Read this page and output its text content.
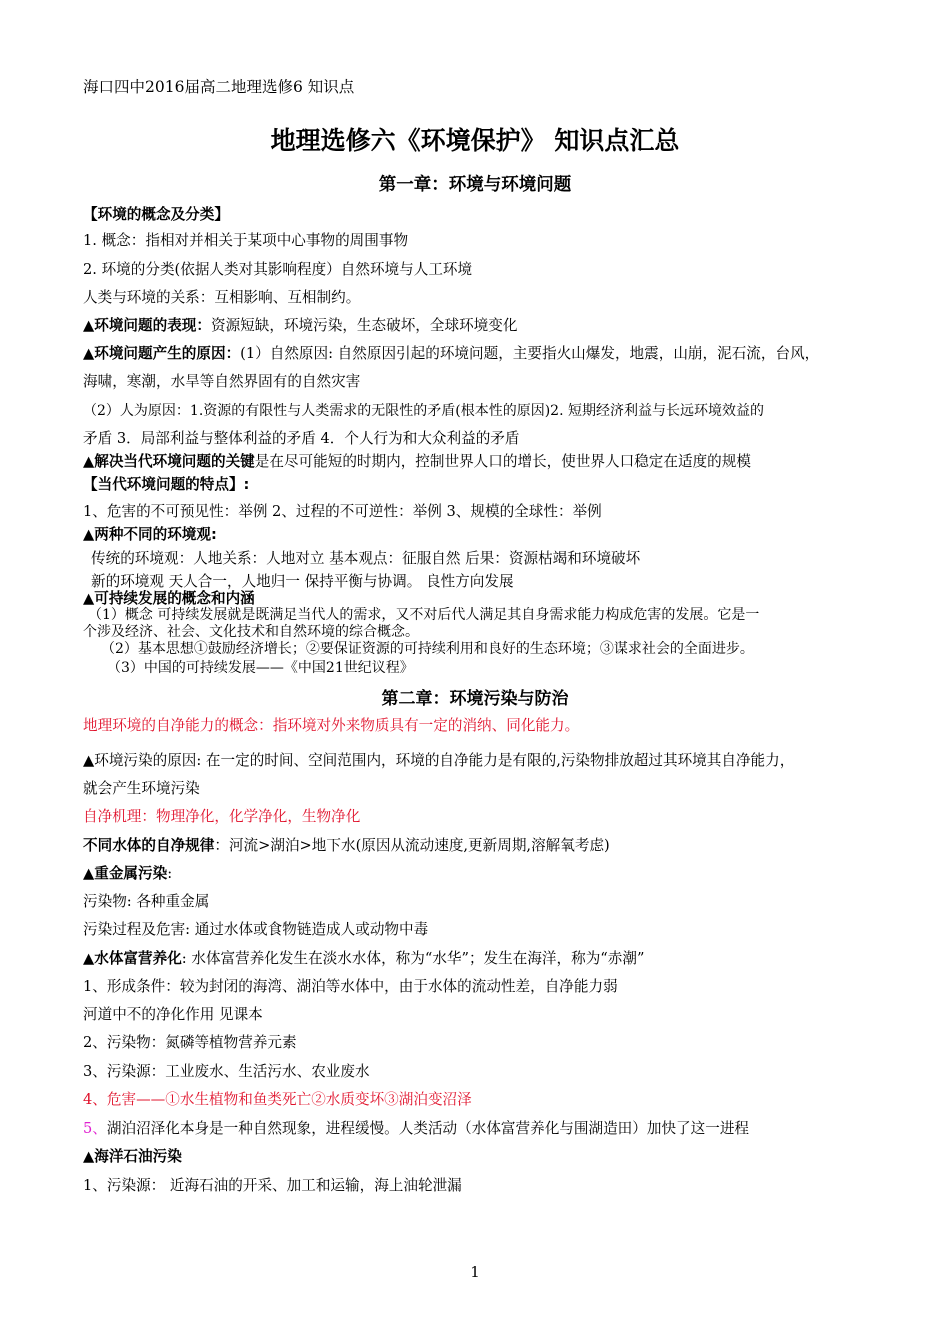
海口四中2016届高二地理选修6 知识点
地理选修六《环境保护》 知识点汇总
第一章：环境与环境问题
【环境的概念及分类】
1. 概念：指相对并相关于某项中心事物的周围事物
2. 环境的分类(依据人类对其影响程度）自然环境与人工环境
人类与环境的关系：互相影响、互相制约。
▲环境问题的表现：资源短缺，环境污染，生态破坏，全球环境变化
▲环境问题产生的原因：(1）自然原因: 自然原因引起的环境问题，主要指火山爆发，地震，山崩，泥石流，台风，
海啸，寒潮，水旱等自然界固有的自然灾害
（2）人为原因：1.资源的有限性与人类需求的无限性的矛盾(根本性的原因)2. 短期经济利益与长远环境效益的
矛盾 3．局部利益与整体利益的矛盾 4．个人行为和大众利益的矛盾
▲解决当代环境问题的关键是在尽可能短的时期内，控制世界人口的增长，使世界人口稳定在适度的规模
【当代环境问题的特点】:
1、危害的不可预见性：举例 2、过程的不可逆性：举例 3、规模的全球性：举例
▲两种不同的环境观:
传统的环境观：人地关系：人地对立 基本观点：征服自然 后果：资源枯竭和环境破坏
新的环境观 天人合一，人地归一 保持平衡与协调。 良性方向发展
▲可持续发展的概念和内涵
（1）概念 可持续发展就是既满足当代人的需求，又不对后代人满足其自身需求能力构成危害的发展。它是一
个涉及经济、社会、文化技术和自然环境的综合概念。
（2）基本思想①鼓励经济增长；②要保证资源的可持续利用和良好的生态环境；③谋求社会的全面进步。
（3）中国的可持续发展——《中国21世纪议程》
第二章：环境污染与防治
地理环境的自净能力的概念：指环境对外来物质具有一定的消纳、同化能力。
▲环境污染的原因: 在一定的时间、空间范围内，环境的自净能力是有限的,污染物排放超过其环境其自净能力，
就会产生环境污染
自净机理：物理净化，化学净化，生物净化
不同水体的自净规律：河流>湖泊>地下水(原因从流动速度,更新周期,溶解氧考虑)
▲重金属污染:
污染物: 各种重金属
污染过程及危害: 通过水体或食物链造成人或动物中毒
▲水体富营养化: 水体富营养化发生在淡水水体，称为“水华”；发生在海洋，称为“赤潮”
1、形成条件：较为封闭的海湾、湖泊等水体中，由于水体的流动性差，自净能力弱
河道中不的净化作用 见课本
2、污染物：氮磷等植物营养元素
3、污染源：工业废水、生活污水、农业废水
4、危害——①水生植物和鱼类死亡②水质变坏③湖泊变沼泽
5、湖泊沼泽化本身是一种自然现象，进程缓慢。人类活动（水体富营养化与围湖造田）加快了这一进程
▲海洋石油污染
1、污染源： 近海石油的开采、加工和运输，海上油轮泄漏
1
